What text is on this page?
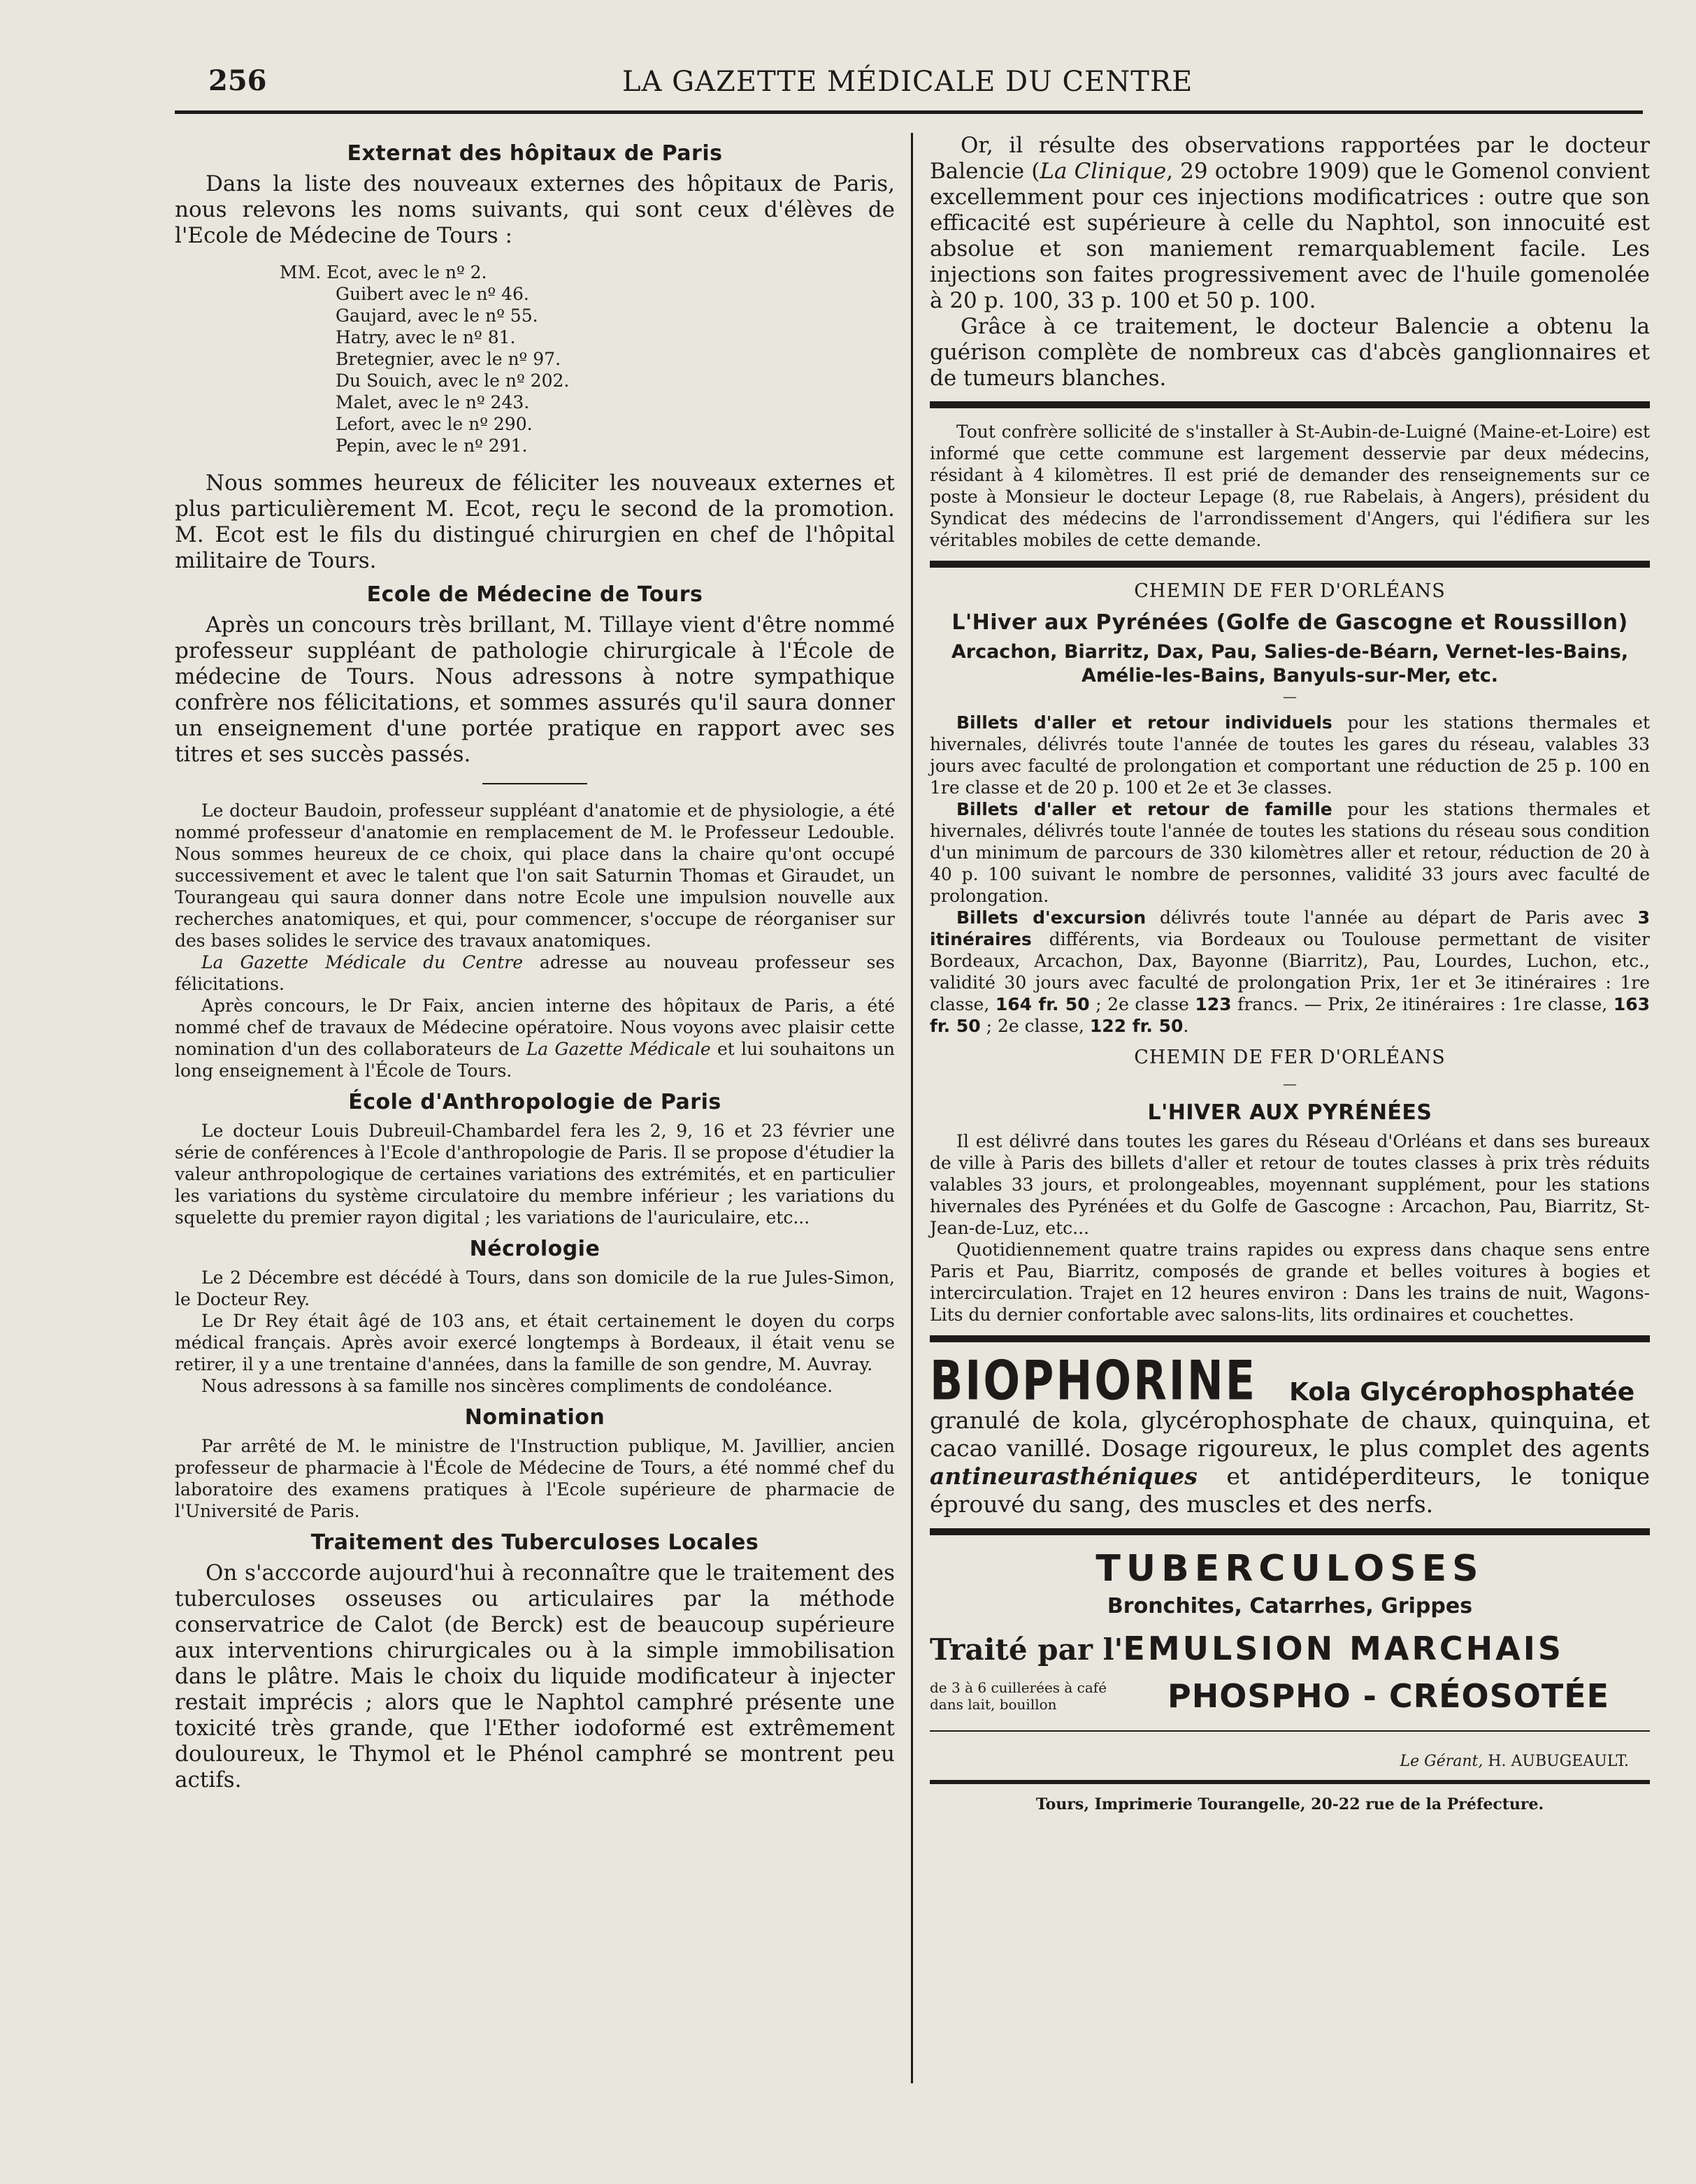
256	LA GAZETTE MÉDICALE DU CENTRE
Externat des hôpitaux de Paris

Dans la liste des nouveaux externes des hôpitaux de Paris, nous relevons les noms suivants, qui sont ceux d'élèves de l'Ecole de Médecine de Tours :

MM. Ecot, avec le nº 2.
Guibert avec le nº 46.
Gaujard, avec le nº 55.
Hatry, avec le nº 81.
Bretegnier, avec le nº 97.
Du Souich, avec le nº 202.
Malet, avec le nº 243.
Lefort, avec le nº 290.
Pepin, avec le nº 291.

Nous sommes heureux de féliciter les nouveaux externes et plus particulièrement M. Ecot, reçu le second de la promotion. M. Ecot est le fils du distingué chirurgien en chef de l'hôpital militaire de Tours.

Ecole de Médecine de Tours

Après un concours très brillant, M. Tillaye vient d'être nommé professeur suppléant de pathologie chirurgicale à l'École de médecine de Tours. Nous adressons à notre sympathique confrère nos félicitations, et sommes assurés qu'il saura donner un enseignement d'une portée pratique en rapport avec ses titres et ses succès passés.

Le docteur Baudoin, professeur suppléant d'anatomie et de physiologie, a été nommé professeur d'anatomie en remplacement de M. le Professeur Ledouble. Nous sommes heureux de ce choix, qui place dans la chaire qu'ont occupé successivement et avec le talent que l'on sait Saturnin Thomas et Giraudet, un Tourangeau qui saura donner dans notre Ecole une impulsion nouvelle aux recherches anatomiques, et qui, pour commencer, s'occupe de réorganiser sur des bases solides le service des travaux anatomiques.

La Gazette Médicale du Centre adresse au nouveau professeur ses félicitations.

Après concours, le Dr Faix, ancien interne des hôpitaux de Paris, a été nommé chef de travaux de Médecine opératoire. Nous voyons avec plaisir cette nomination d'un des collaborateurs de La Gazette Médicale et lui souhaitons un long enseignement à l'École de Tours.

École d'Anthropologie de Paris

Le docteur Louis Dubreuil-Chambardel fera les 2, 9, 16 et 23 février une série de conférences à l'Ecole d'anthropologie de Paris. Il se propose d'étudier la valeur anthropologique de certaines variations des extrémités, et en particulier les variations du système circulatoire du membre inférieur ; les variations du squelette du premier rayon digital ; les variations de l'auriculaire, etc...

Nécrologie

Le 2 Décembre est décédé à Tours, dans son domicile de la rue Jules-Simon, le Docteur Rey.

Le Dr Rey était âgé de 103 ans, et était certainement le doyen du corps médical français. Après avoir exercé longtemps à Bordeaux, il était venu se retirer, il y a une trentaine d'années, dans la famille de son gendre, M. Auvray.

Nous adressons à sa famille nos sincères compliments de condoléance.

Nomination

Par arrêté de M. le ministre de l'Instruction publique, M. Javillier, ancien professeur de pharmacie à l'École de Médecine de Tours, a été nommé chef du laboratoire des examens pratiques à l'Ecole supérieure de pharmacie de l'Université de Paris.

Traitement des Tuberculoses Locales

On s'acccorde aujourd'hui à reconnaître que le traitement des tuberculoses osseuses ou articulaires par la méthode conservatrice de Calot (de Berck) est de beaucoup supérieure aux interventions chirurgicales ou à la simple immobilisation dans le plâtre. Mais le choix du liquide modificateur à injecter restait imprécis ; alors que le Naphtol camphré présente une toxicité très grande, que l'Ether iodoformé est extrêmement douloureux, le Thymol et le Phénol camphré se montrent peu actifs.

Or, il résulte des observations rapportées par le docteur Balencie (La Clinique, 29 octobre 1909) que le Gomenol convient excellemment pour ces injections modificatrices : outre que son efficacité est supérieure à celle du Naphtol, son innocuité est absolue et son maniement remarquablement facile. Les injections son faites progressivement avec de l'huile gomenolée à 20 p. 100, 33 p. 100 et 50 p. 100.

Grâce à ce traitement, le docteur Balencie a obtenu la guérison complète de nombreux cas d'abcès ganglionnaires et de tumeurs blanches.

Tout confrère sollicité de s'installer à St-Aubin-de-Luigné (Maine-et-Loire) est informé que cette commune est largement desservie par deux médecins, résidant à 4 kilomètres. Il est prié de demander des renseignements sur ce poste à Monsieur le docteur Lepage (8, rue Rabelais, à Angers), président du Syndicat des médecins de l'arrondissement d'Angers, qui l'édifiera sur les véritables mobiles de cette demande.

CHEMIN DE FER D'ORLÉANS
L'Hiver aux Pyrénées (Golfe de Gascogne et Roussillon)

Arcachon, Biarritz, Dax, Pau, Salies-de-Béarn, Vernet-les-Bains, Amélie-les-Bains, Banyuls-sur-Mer, etc.

—

Billets d'aller et retour individuels pour les stations thermales et hivernales, délivrés toute l'année de toutes les gares du réseau, valables 33 jours avec faculté de prolongation et comportant une réduction de 25 p. 100 en 1re classe et de 20 p. 100 et 2e et 3e classes.

Billets d'aller et retour de famille pour les stations thermales et hivernales, délivrés toute l'année de toutes les stations du réseau sous condition d'un minimum de parcours de 330 kilomètres aller et retour, réduction de 20 à 40 p. 100 suivant le nombre de personnes, validité 33 jours avec faculté de prolongation.

Billets d'excursion délivrés toute l'année au départ de Paris avec 3 itinéraires différents, via Bordeaux ou Toulouse permettant de visiter Bordeaux, Arcachon, Dax, Bayonne (Biarritz), Pau, Lourdes, Luchon, etc., validité 30 jours avec faculté de prolongation Prix, 1er et 3e itinéraires : 1re classe, 164 fr. 50 ; 2e classe 123 francs. — Prix, 2e itinéraires : 1re classe, 163 fr. 50 ; 2e classe, 122 fr. 50.

CHEMIN DE FER D'ORLÉANS

—

L'HIVER AUX PYRÉNÉES

Il est délivré dans toutes les gares du Réseau d'Orléans et dans ses bureaux de ville à Paris des billets d'aller et retour de toutes classes à prix très réduits valables 33 jours, et prolongeables, moyennant supplément, pour les stations hivernales des Pyrénées et du Golfe de Gascogne : Arcachon, Pau, Biarritz, St-Jean-de-Luz, etc...

Quotidiennement quatre trains rapides ou express dans chaque sens entre Paris et Pau, Biarritz, composés de grande et belles voitures à bogies et intercirculation. Trajet en 12 heures environ : Dans les trains de nuit, Wagons-Lits du dernier confortable avec salons-lits, lits ordinaires et couchettes.

BIOPHORINE Kola Glycérophosphatée

granulé de kola, glycérophosphate de chaux, quinquina, et cacao vanillé. Dosage rigoureux, le plus complet des agents antineurasthéniques et antidéperditeurs, le tonique éprouvé du sang, des muscles et des nerfs.

TUBERCULOSES
Bronchites, Catarrhes, Grippes
Traité par l'EMULSION MARCHAIS
de 3 à 6 cuillerées à café dans lait, bouillon	PHOSPHO - CRÉOSOTÉE
Le Gérant, H. AUBUGEAULT.
Tours, Imprimerie Tourangelle, 20-22 rue de la Préfecture.
